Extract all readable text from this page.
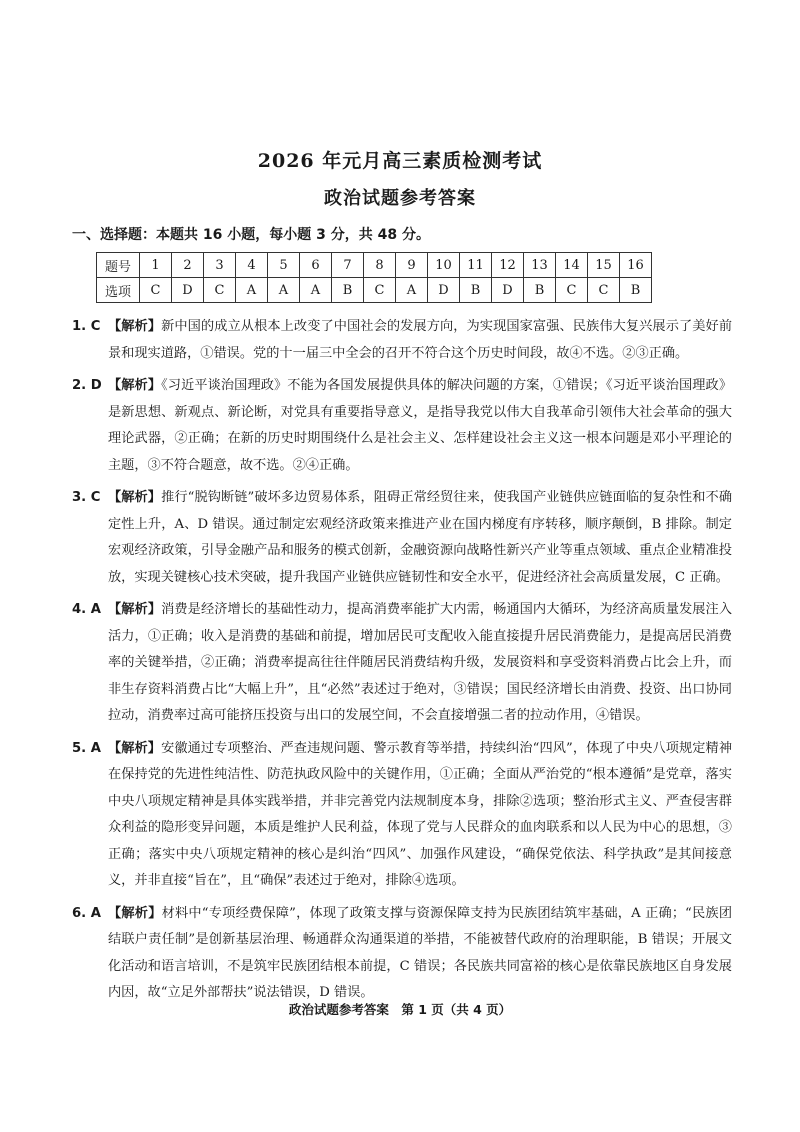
2026 年元月高三素质检测考试
政治试题参考答案
一、选择题：本题共 16 小题，每小题 3 分，共 48 分。
题号	1	2	3	4	5	6	7	8	9	10	11	12	13	14	15	16
选项	C	D	C	A	A	A	B	C	A	D	B	D	B	C	C	B
1. C 【解析】新中国的成立从根本上改变了中国社会的发展方向，为实现国家富强、民族伟大复兴展示了美好前景和现实道路，①错误。党的十一届三中全会的召开不符合这个历史时间段，故④不选。②③正确。
2. D 【解析】《习近平谈治国理政》不能为各国发展提供具体的解决问题的方案，①错误；《习近平谈治国理政》是新思想、新观点、新论断，对党具有重要指导意义，是指导我党以伟大自我革命引领伟大社会革命的强大理论武器，②正确；在新的历史时期围绕什么是社会主义、怎样建设社会主义这一根本问题是邓小平理论的主题，③不符合题意，故不选。②④正确。
3. C 【解析】推行“脱钩断链”破坏多边贸易体系，阻碍正常经贸往来，使我国产业链供应链面临的复杂性和不确定性上升，A、D 错误。通过制定宏观经济政策来推进产业在国内梯度有序转移，顺序颠倒，B 排除。制定宏观经济政策，引导金融产品和服务的模式创新，金融资源向战略性新兴产业等重点领域、重点企业精准投放，实现关键核心技术突破，提升我国产业链供应链韧性和安全水平，促进经济社会高质量发展，C 正确。
4. A 【解析】消费是经济增长的基础性动力，提高消费率能扩大内需，畅通国内大循环，为经济高质量发展注入活力，①正确；收入是消费的基础和前提，增加居民可支配收入能直接提升居民消费能力，是提高居民消费率的关键举措，②正确；消费率提高往往伴随居民消费结构升级，发展资料和享受资料消费占比会上升，而非生存资料消费占比“大幅上升”，且“必然”表述过于绝对，③错误；国民经济增长由消费、投资、出口协同拉动，消费率过高可能挤压投资与出口的发展空间，不会直接增强二者的拉动作用，④错误。
5. A 【解析】安徽通过专项整治、严查违规问题、警示教育等举措，持续纠治“四风”，体现了中央八项规定精神在保持党的先进性纯洁性、防范执政风险中的关键作用，①正确；全面从严治党的“根本遵循”是党章，落实中央八项规定精神是具体实践举措，并非完善党内法规制度本身，排除②选项；整治形式主义、严查侵害群众利益的隐形变异问题，本质是维护人民利益，体现了党与人民群众的血肉联系和以人民为中心的思想，③正确；落实中央八项规定精神的核心是纠治“四风”、加强作风建设，“确保党依法、科学执政”是其间接意义，并非直接“旨在”，且“确保”表述过于绝对，排除④选项。
6. A 【解析】材料中“专项经费保障”，体现了政策支撑与资源保障支持为民族团结筑牢基础，A 正确；“民族团结联户责任制”是创新基层治理、畅通群众沟通渠道的举措，不能被替代政府的治理职能，B 错误；开展文化活动和语言培训，不是筑牢民族团结根本前提，C 错误；各民族共同富裕的核心是依靠民族地区自身发展内因，故“立足外部帮扶”说法错误，D 错误。
政治试题参考答案　第 1 页（共 4 页）
